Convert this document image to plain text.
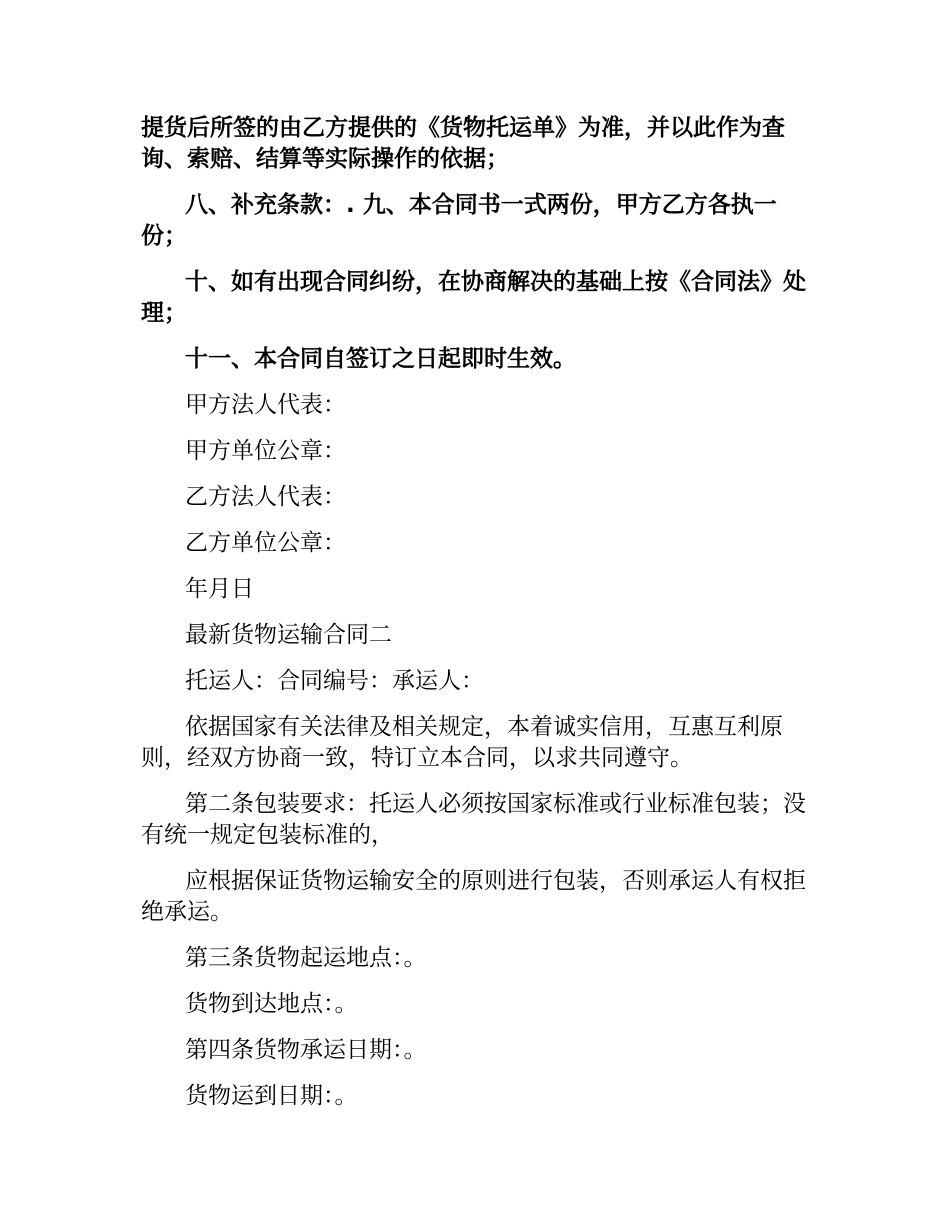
提货后所签的由乙方提供的《货物托运单》为准，并以此作为查询、索赔、结算等实际操作的依据；

八、补充条款：. 九、本合同书一式两份，甲方乙方各执一份；

十、如有出现合同纠纷，在协商解决的基础上按《合同法》处理；

十一、本合同自签订之日起即时生效。

甲方法人代表：

甲方单位公章：

乙方法人代表：

乙方单位公章：

年月日

最新货物运输合同二

托运人：合同编号：承运人：

依据国家有关法律及相关规定，本着诚实信用，互惠互利原则，经双方协商一致，特订立本合同，以求共同遵守。

第二条包装要求：托运人必须按国家标准或行业标准包装；没有统一规定包装标准的，

应根据保证货物运输安全的原则进行包装，否则承运人有权拒绝承运。

第三条货物起运地点：。

货物到达地点：。

第四条货物承运日期：。

货物运到日期：。
